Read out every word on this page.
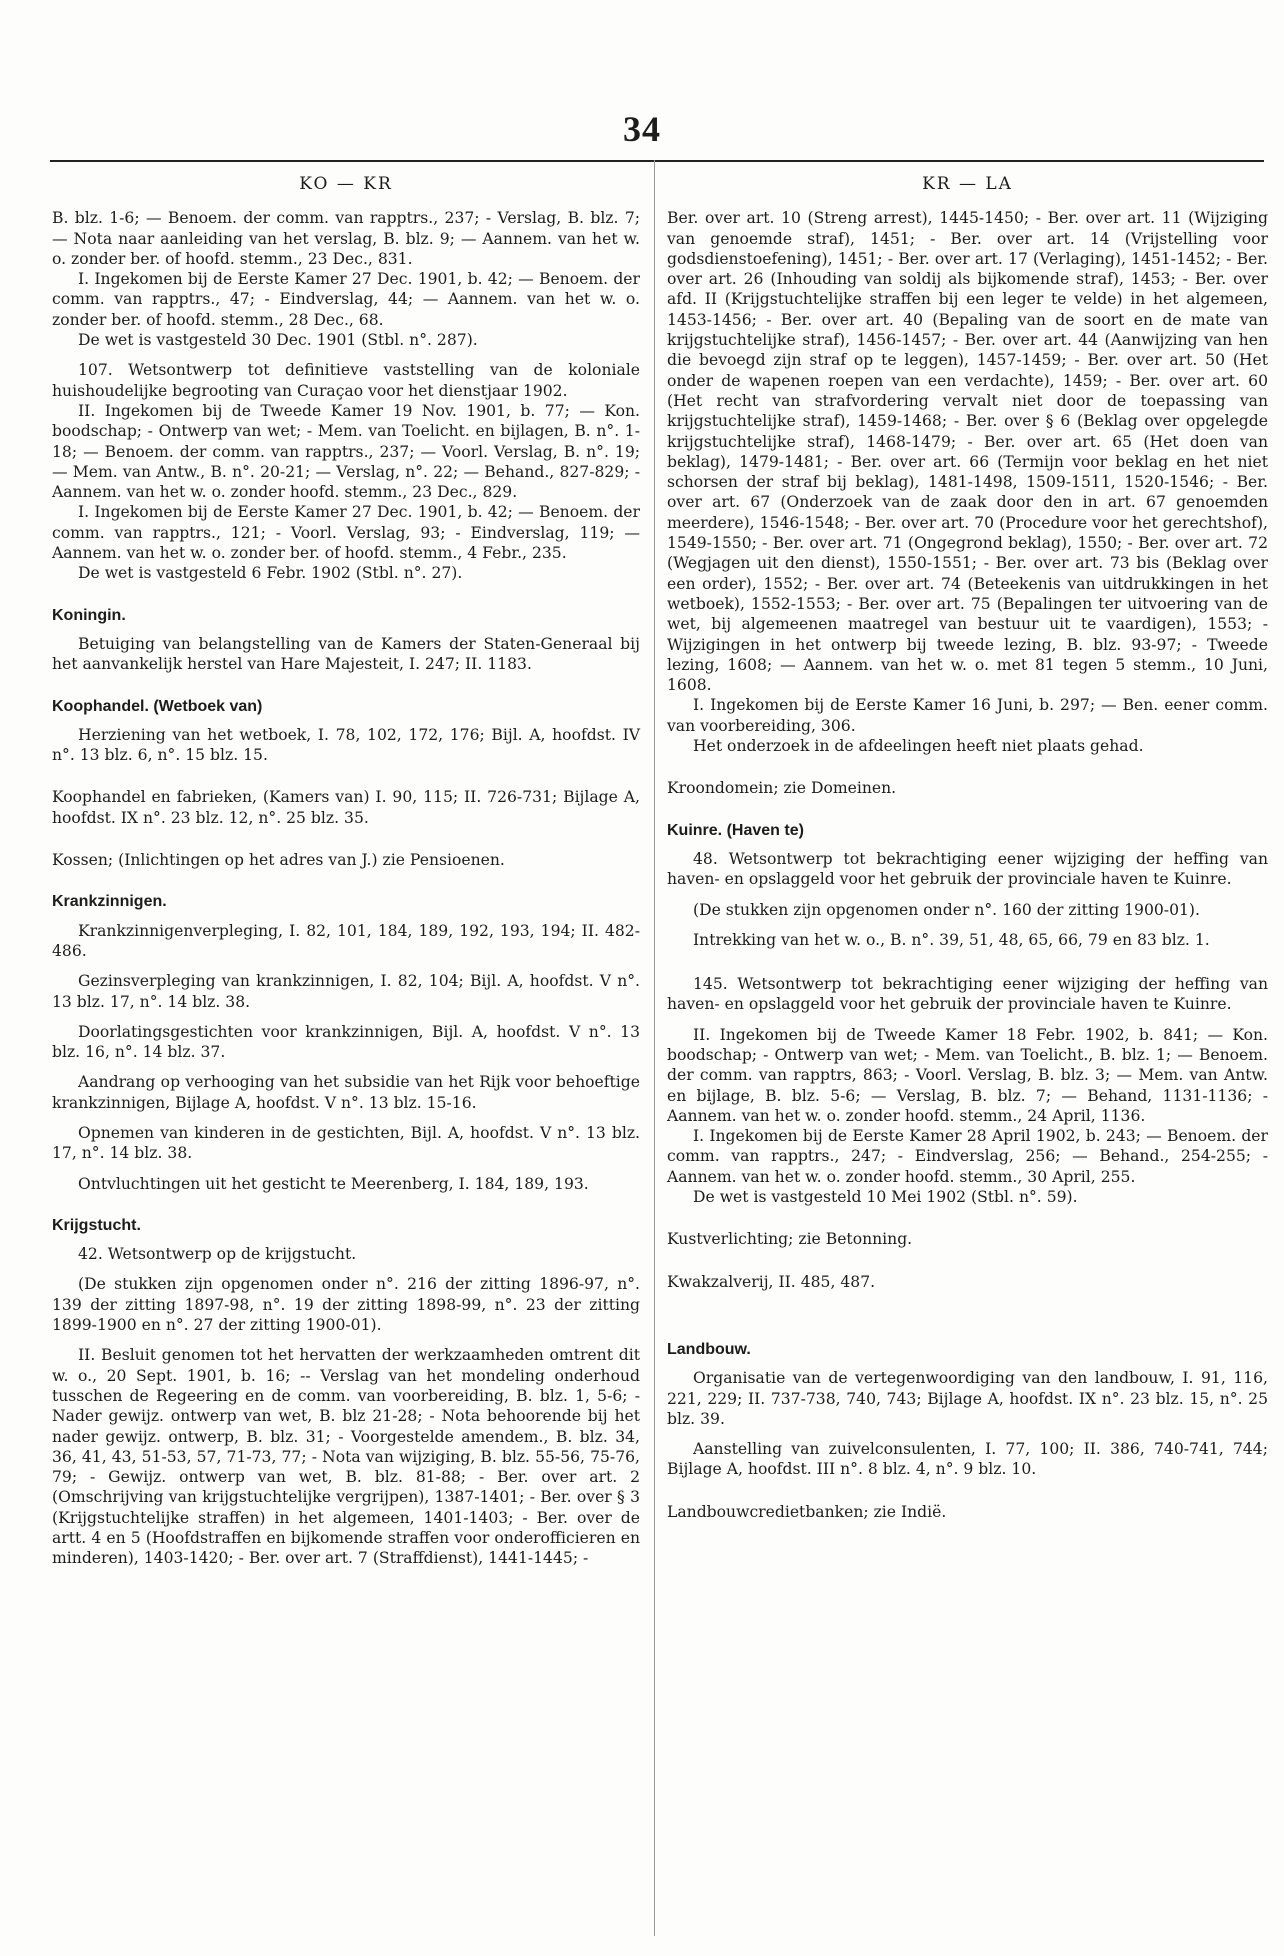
34
KO — KR

B. blz. 1-6; — Benoem. der comm. van rapptrs., 237; - Verslag, B. blz. 7; — Nota naar aanleiding van het verslag, B. blz. 9; — Aannem. van het w. o. zonder ber. of hoofd. stemm., 23 Dec., 831.

I. Ingekomen bij de Eerste Kamer 27 Dec. 1901, b. 42; — Benoem. der comm. van rapptrs., 47; - Eindverslag, 44; — Aannem. van het w. o. zonder ber. of hoofd. stemm., 28 Dec., 68.

De wet is vastgesteld 30 Dec. 1901 (Stbl. n°. 287).

107. Wetsontwerp tot definitieve vaststelling van de koloniale huishoudelijke begrooting van Curaçao voor het dienstjaar 1902.

II. Ingekomen bij de Tweede Kamer 19 Nov. 1901, b. 77; — Kon. boodschap; - Ontwerp van wet; - Mem. van Toelicht. en bijlagen, B. n°. 1-18; — Benoem. der comm. van rapptrs., 237; — Voorl. Verslag, B. n°. 19; — Mem. van Antw., B. n°. 20-21; — Verslag, n°. 22; — Behand., 827-829; - Aannem. van het w. o. zonder hoofd. stemm., 23 Dec., 829.

I. Ingekomen bij de Eerste Kamer 27 Dec. 1901, b. 42; — Benoem. der comm. van rapptrs., 121; - Voorl. Verslag, 93; - Eindverslag, 119; — Aannem. van het w. o. zonder ber. of hoofd. stemm., 4 Febr., 235.

De wet is vastgesteld 6 Febr. 1902 (Stbl. n°. 27).

Koningin.

Betuiging van belangstelling van de Kamers der Staten-Generaal bij het aanvankelijk herstel van Hare Majesteit, I. 247; II. 1183.

Koophandel. (Wetboek van)

Herziening van het wetboek, I. 78, 102, 172, 176; Bijl. A, hoofdst. IV n°. 13 blz. 6, n°. 15 blz. 15.

Koophandel en fabrieken, (Kamers van) I. 90, 115; II. 726-731; Bijlage A, hoofdst. IX n°. 23 blz. 12, n°. 25 blz. 35.

Kossen; (Inlichtingen op het adres van J.) zie Pensioenen.

Krankzinnigen.

Krankzinnigenverpleging, I. 82, 101, 184, 189, 192, 193, 194; II. 482-486.

Gezinsverpleging van krankzinnigen, I. 82, 104; Bijl. A, hoofdst. V n°. 13 blz. 17, n°. 14 blz. 38.

Doorlatingsgestichten voor krankzinnigen, Bijl. A, hoofdst. V n°. 13 blz. 16, n°. 14 blz. 37.

Aandrang op verhooging van het subsidie van het Rijk voor behoeftige krankzinnigen, Bijlage A, hoofdst. V n°. 13 blz. 15-16.

Opnemen van kinderen in de gestichten, Bijl. A, hoofdst. V n°. 13 blz. 17, n°. 14 blz. 38.

Ontvluchtingen uit het gesticht te Meerenberg, I. 184, 189, 193.

Krijgstucht.

42. Wetsontwerp op de krijgstucht.

(De stukken zijn opgenomen onder n°. 216 der zitting 1896-97, n°. 139 der zitting 1897-98, n°. 19 der zitting 1898-99, n°. 23 der zitting 1899-1900 en n°. 27 der zitting 1900-01).

II. Besluit genomen tot het hervatten der werkzaamheden omtrent dit w. o., 20 Sept. 1901, b. 16; -- Verslag van het mondeling onderhoud tusschen de Regeering en de comm. van voorbereiding, B. blz. 1, 5-6; - Nader gewijz. ontwerp van wet, B. blz 21-28; - Nota behoorende bij het nader gewijz. ontwerp, B. blz. 31; - Voorgestelde amendem., B. blz. 34, 36, 41, 43, 51-53, 57, 71-73, 77; - Nota van wijziging, B. blz. 55-56, 75-76, 79; - Gewijz. ontwerp van wet, B. blz. 81-88; - Ber. over art. 2 (Omschrijving van krijgstuchtelijke vergrijpen), 1387-1401; - Ber. over § 3 (Krijgstuchtelijke straffen) in het algemeen, 1401-1403; - Ber. over de artt. 4 en 5 (Hoofdstraffen en bijkomende straffen voor onderofficieren en minderen), 1403-1420; - Ber. over art. 7 (Straffdienst), 1441-1445; -

KR — LA

Ber. over art. 10 (Streng arrest), 1445-1450; - Ber. over art. 11 (Wijziging van genoemde straf), 1451; - Ber. over art. 14 (Vrijstelling voor godsdienstoefening), 1451; - Ber. over art. 17 (Verlaging), 1451-1452; - Ber. over art. 26 (Inhouding van soldij als bijkomende straf), 1453; - Ber. over afd. II (Krijgstuchtelijke straffen bij een leger te velde) in het algemeen, 1453-1456; - Ber. over art. 40 (Bepaling van de soort en de mate van krijgstuchtelijke straf), 1456-1457; - Ber. over art. 44 (Aanwijzing van hen die bevoegd zijn straf op te leggen), 1457-1459; - Ber. over art. 50 (Het onder de wapenen roepen van een verdachte), 1459; - Ber. over art. 60 (Het recht van strafvordering vervalt niet door de toepassing van krijgstuchtelijke straf), 1459-1468; - Ber. over § 6 (Beklag over opgelegde krijgstuchtelijke straf), 1468-1479; - Ber. over art. 65 (Het doen van beklag), 1479-1481; - Ber. over art. 66 (Termijn voor beklag en het niet schorsen der straf bij beklag), 1481-1498, 1509-1511, 1520-1546; - Ber. over art. 67 (Onderzoek van de zaak door den in art. 67 genoemden meerdere), 1546-1548; - Ber. over art. 70 (Procedure voor het gerechtshof), 1549-1550; - Ber. over art. 71 (Ongegrond beklag), 1550; - Ber. over art. 72 (Wegjagen uit den dienst), 1550-1551; - Ber. over art. 73 bis (Beklag over een order), 1552; - Ber. over art. 74 (Beteekenis van uitdrukkingen in het wetboek), 1552-1553; - Ber. over art. 75 (Bepalingen ter uitvoering van de wet, bij algemeenen maatregel van bestuur uit te vaardigen), 1553; - Wijzigingen in het ontwerp bij tweede lezing, B. blz. 93-97; - Tweede lezing, 1608; — Aannem. van het w. o. met 81 tegen 5 stemm., 10 Juni, 1608.

I. Ingekomen bij de Eerste Kamer 16 Juni, b. 297; — Ben. eener comm. van voorbereiding, 306.

Het onderzoek in de afdeelingen heeft niet plaats gehad.

Kroondomein; zie Domeinen.

Kuinre. (Haven te)

48. Wetsontwerp tot bekrachtiging eener wijziging der heffing van haven- en opslaggeld voor het gebruik der provinciale haven te Kuinre.

(De stukken zijn opgenomen onder n°. 160 der zitting 1900-01).

Intrekking van het w. o., B. n°. 39, 51, 48, 65, 66, 79 en 83 blz. 1.

145. Wetsontwerp tot bekrachtiging eener wijziging der heffing van haven- en opslaggeld voor het gebruik der provinciale haven te Kuinre.

II. Ingekomen bij de Tweede Kamer 18 Febr. 1902, b. 841; — Kon. boodschap; - Ontwerp van wet; - Mem. van Toelicht., B. blz. 1; — Benoem. der comm. van rapptrs, 863; - Voorl. Verslag, B. blz. 3; — Mem. van Antw. en bijlage, B. blz. 5-6; — Verslag, B. blz. 7; — Behand, 1131-1136; - Aannem. van het w. o. zonder hoofd. stemm., 24 April, 1136.

I. Ingekomen bij de Eerste Kamer 28 April 1902, b. 243; — Benoem. der comm. van rapptrs., 247; - Eindverslag, 256; — Behand., 254-255; - Aannem. van het w. o. zonder hoofd. stemm., 30 April, 255.

De wet is vastgesteld 10 Mei 1902 (Stbl. n°. 59).

Kustverlichting; zie Betonning.

Kwakzalverij, II. 485, 487.

Landbouw.

Organisatie van de vertegenwoordiging van den landbouw, I. 91, 116, 221, 229; II. 737-738, 740, 743; Bijlage A, hoofdst. IX n°. 23 blz. 15, n°. 25 blz. 39.

Aanstelling van zuivelconsulenten, I. 77, 100; II. 386, 740-741, 744; Bijlage A, hoofdst. III n°. 8 blz. 4, n°. 9 blz. 10.

Landbouwcredietbanken; zie Indië.
